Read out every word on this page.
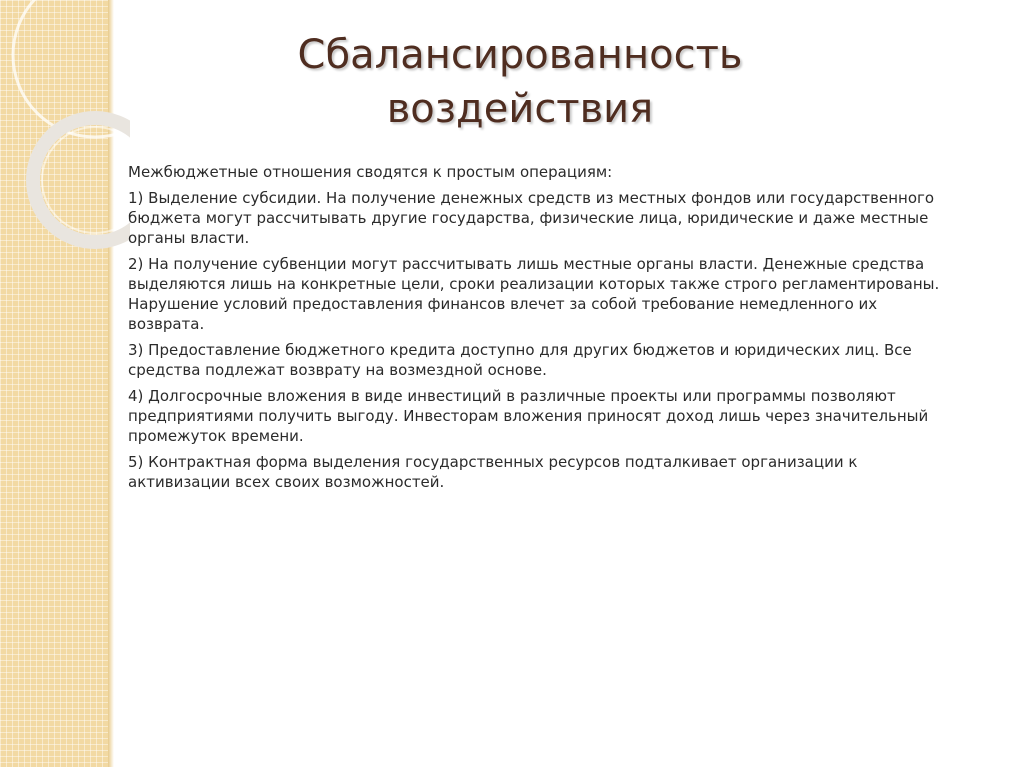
Сбалансированность
воздействия

Межбюджетные отношения сводятся к простым операциям:

1) Выделение субсидии. На получение денежных средств из местных фондов или государственного бюджета могут рассчитывать другие государства, физические лица, юридические и даже местные органы власти.

2) На получение субвенции могут рассчитывать лишь местные органы власти. Денежные средства выделяются лишь на конкретные цели, сроки реализации которых также строго регламентированы. Нарушение условий предоставления финансов влечет за собой требование немедленного их возврата.

3) Предоставление бюджетного кредита доступно для других бюджетов и юридических лиц. Все средства подлежат возврату на возмездной основе.

4) Долгосрочные вложения в виде инвестиций в различные проекты или программы позволяют предприятиями получить выгоду. Инвесторам вложения приносят доход лишь через значительный промежуток времени.

5) Контрактная форма выделения государственных ресурсов подталкивает организации к активизации всех своих возможностей.
